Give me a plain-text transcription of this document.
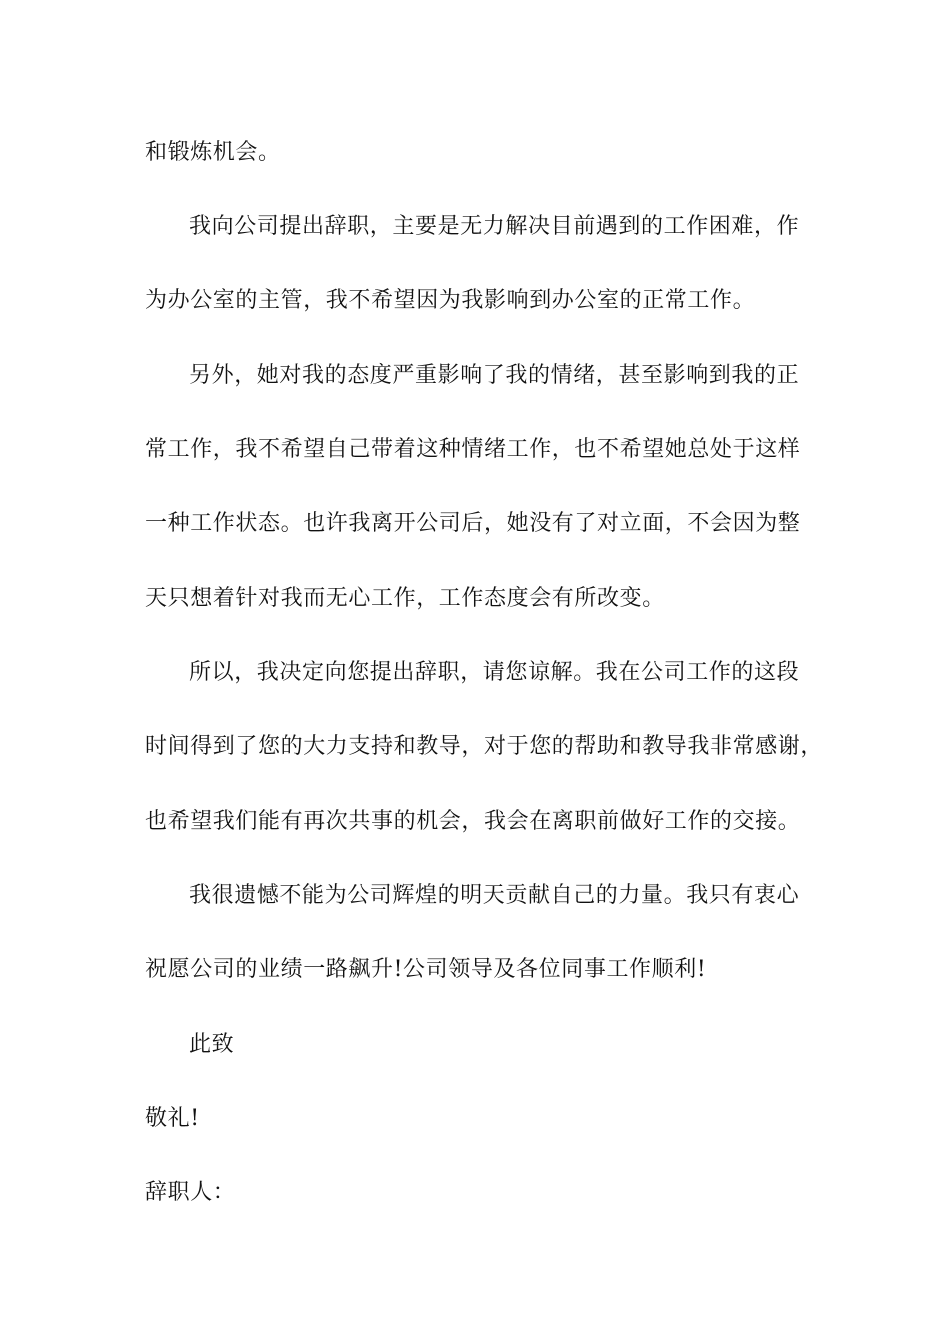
和锻炼机会。
我向公司提出辞职，主要是无力解决目前遇到的工作困难，作
为办公室的主管，我不希望因为我影响到办公室的正常工作。
另外，她对我的态度严重影响了我的情绪，甚至影响到我的正
常工作，我不希望自己带着这种情绪工作，也不希望她总处于这样
一种工作状态。也许我离开公司后，她没有了对立面，不会因为整
天只想着针对我而无心工作，工作态度会有所改变。
所以，我决定向您提出辞职，请您谅解。我在公司工作的这段
时间得到了您的大力支持和教导，对于您的帮助和教导我非常感谢，
也希望我们能有再次共事的机会，我会在离职前做好工作的交接。
我很遗憾不能为公司辉煌的明天贡献自己的力量。我只有衷心
祝愿公司的业绩一路飙升!公司领导及各位同事工作顺利!
此致
敬礼!
辞职人：
